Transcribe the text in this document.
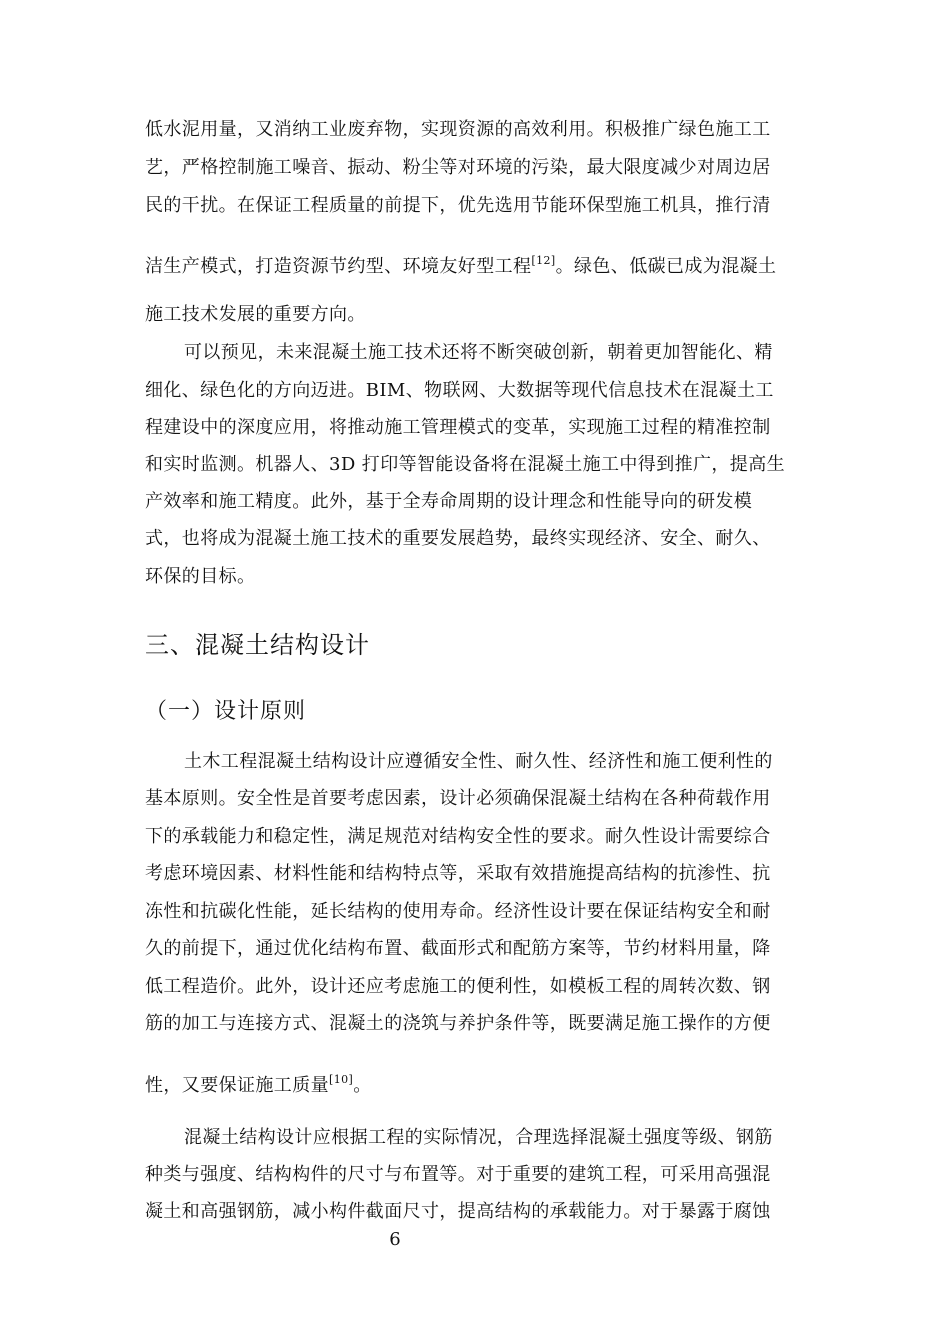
低水泥用量，又消纳工业废弃物，实现资源的高效利用。积极推广绿色施工工
艺，严格控制施工噪音、振动、粉尘等对环境的污染，最大限度减少对周边居
民的干扰。在保证工程质量的前提下，优先选用节能环保型施工机具，推行清
洁生产模式，打造资源节约型、环境友好型工程[12]。绿色、低碳已成为混凝土
施工技术发展的重要方向。
可以预见，未来混凝土施工技术还将不断突破创新，朝着更加智能化、精
细化、绿色化的方向迈进。BIM、物联网、大数据等现代信息技术在混凝土工
程建设中的深度应用，将推动施工管理模式的变革，实现施工过程的精准控制
和实时监测。机器人、3D 打印等智能设备将在混凝土施工中得到推广，提高生
产效率和施工精度。此外，基于全寿命周期的设计理念和性能导向的研发模
式，也将成为混凝土施工技术的重要发展趋势，最终实现经济、安全、耐久、
环保的目标。
三、混凝土结构设计
（一）设计原则
土木工程混凝土结构设计应遵循安全性、耐久性、经济性和施工便利性的
基本原则。安全性是首要考虑因素，设计必须确保混凝土结构在各种荷载作用
下的承载能力和稳定性，满足规范对结构安全性的要求。耐久性设计需要综合
考虑环境因素、材料性能和结构特点等，采取有效措施提高结构的抗渗性、抗
冻性和抗碳化性能，延长结构的使用寿命。经济性设计要在保证结构安全和耐
久的前提下，通过优化结构布置、截面形式和配筋方案等，节约材料用量，降
低工程造价。此外，设计还应考虑施工的便利性，如模板工程的周转次数、钢
筋的加工与连接方式、混凝土的浇筑与养护条件等，既要满足施工操作的方便
性，又要保证施工质量[10]。
混凝土结构设计应根据工程的实际情况，合理选择混凝土强度等级、钢筋
种类与强度、结构构件的尺寸与布置等。对于重要的建筑工程，可采用高强混
凝土和高强钢筋，减小构件截面尺寸，提高结构的承载能力。对于暴露于腐蚀
6
